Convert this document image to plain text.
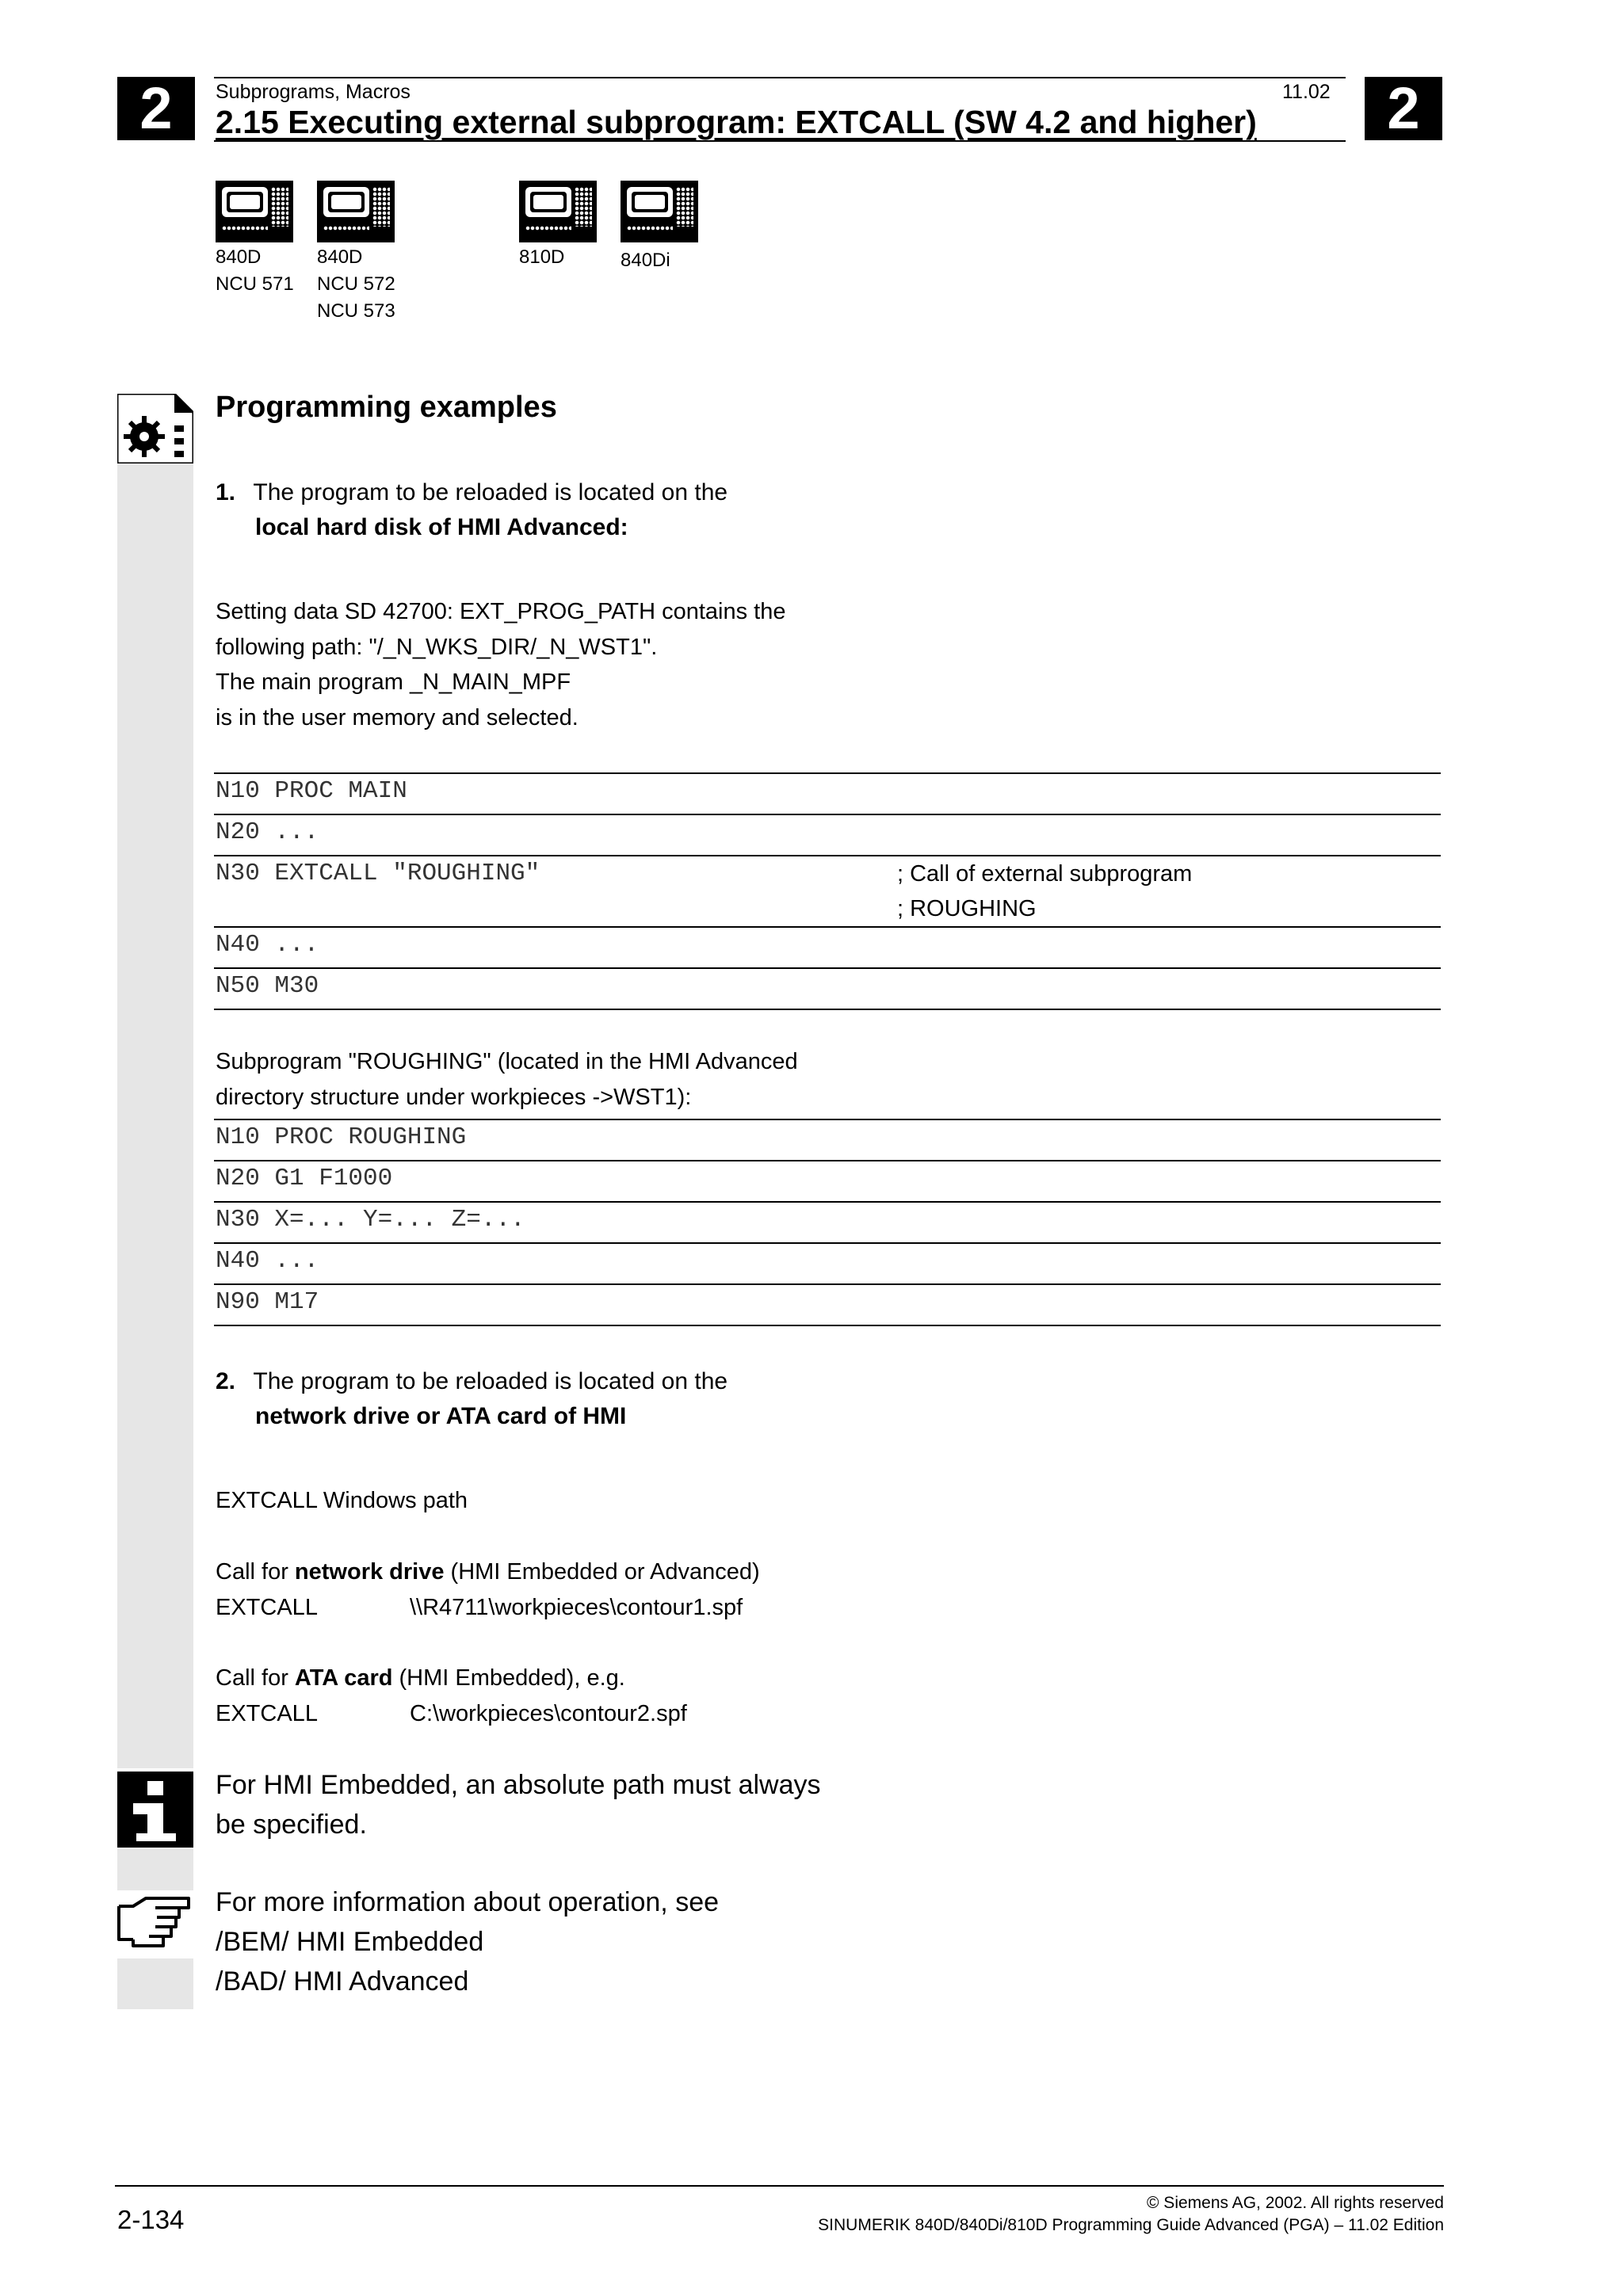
2	2
Subprograms, Macros	11.02
2.15 Executing external subprogram: EXTCALL (SW 4.2 and higher)
840D
NCU 571
840D
NCU 572
NCU 573
810D	840Di
Programming examples
1. The program to be reloaded is located on the
local hard disk of HMI Advanced:
Setting data SD 42700: EXT_PROG_PATH contains the
following path: "/_N_WKS_DIR/_N_WST1".
The main program _N_MAIN_MPF
is in the user memory and selected.
N10 PROC MAIN
N20 ...
N30 EXTCALL "ROUGHING"	; Call of external subprogram
; ROUGHING
N40 ...
N50 M30
Subprogram "ROUGHING" (located in the HMI Advanced
directory structure under workpieces ->WST1):
N10 PROC ROUGHING
N20 G1 F1000
N30 X=... Y=... Z=...
N40 ...
N90 M17
2. The program to be reloaded is located on the
network drive or ATA card of HMI
EXTCALL Windows path
Call for network drive (HMI Embedded or Advanced)
EXTCALL	\\R4711\workpieces\contour1.spf
Call for ATA card (HMI Embedded), e.g.
EXTCALL	C:\workpieces\contour2.spf
For HMI Embedded, an absolute path must always
be specified.
For more information about operation, see
/BEM/ HMI Embedded
/BAD/ HMI Advanced
2-134
© Siemens AG, 2002. All rights reserved
SINUMERIK 840D/840Di/810D Programming Guide Advanced (PGA) – 11.02 Edition
